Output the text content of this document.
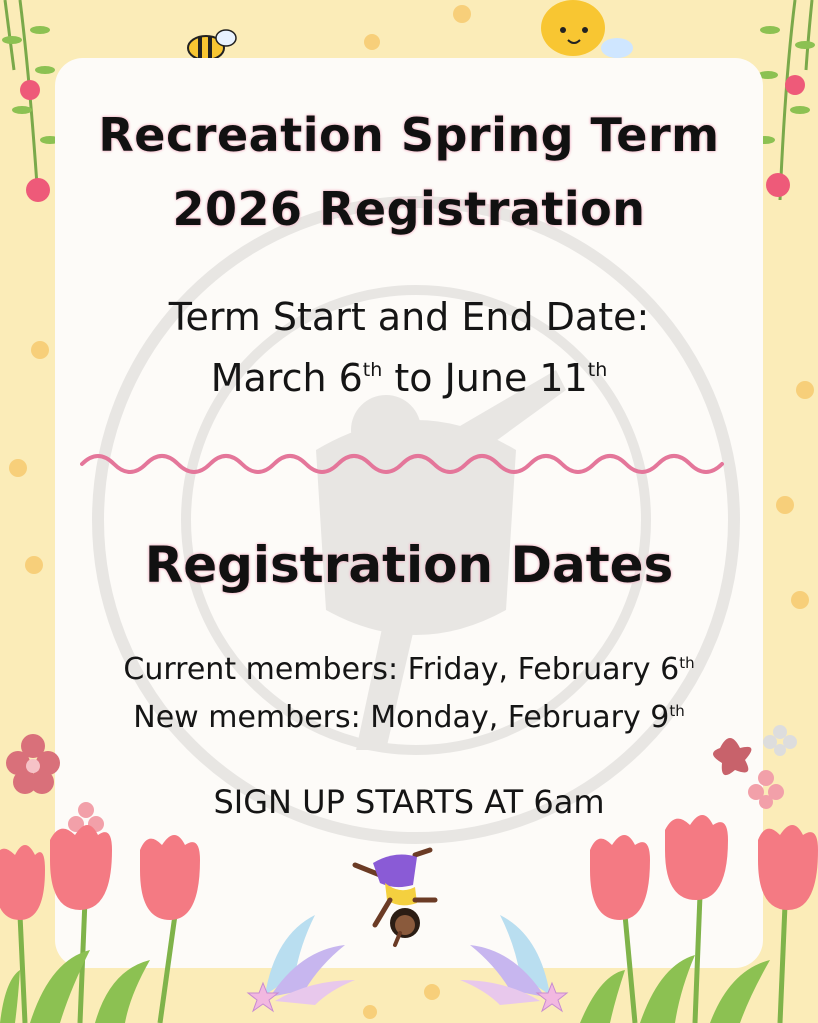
Recreation Spring Term
2026 Registration
Term Start and End Date:
March 6th to June 11th
Registration Dates
Current members: Friday, February 6th
New members: Monday, February 9th
SIGN UP STARTS AT 6am
